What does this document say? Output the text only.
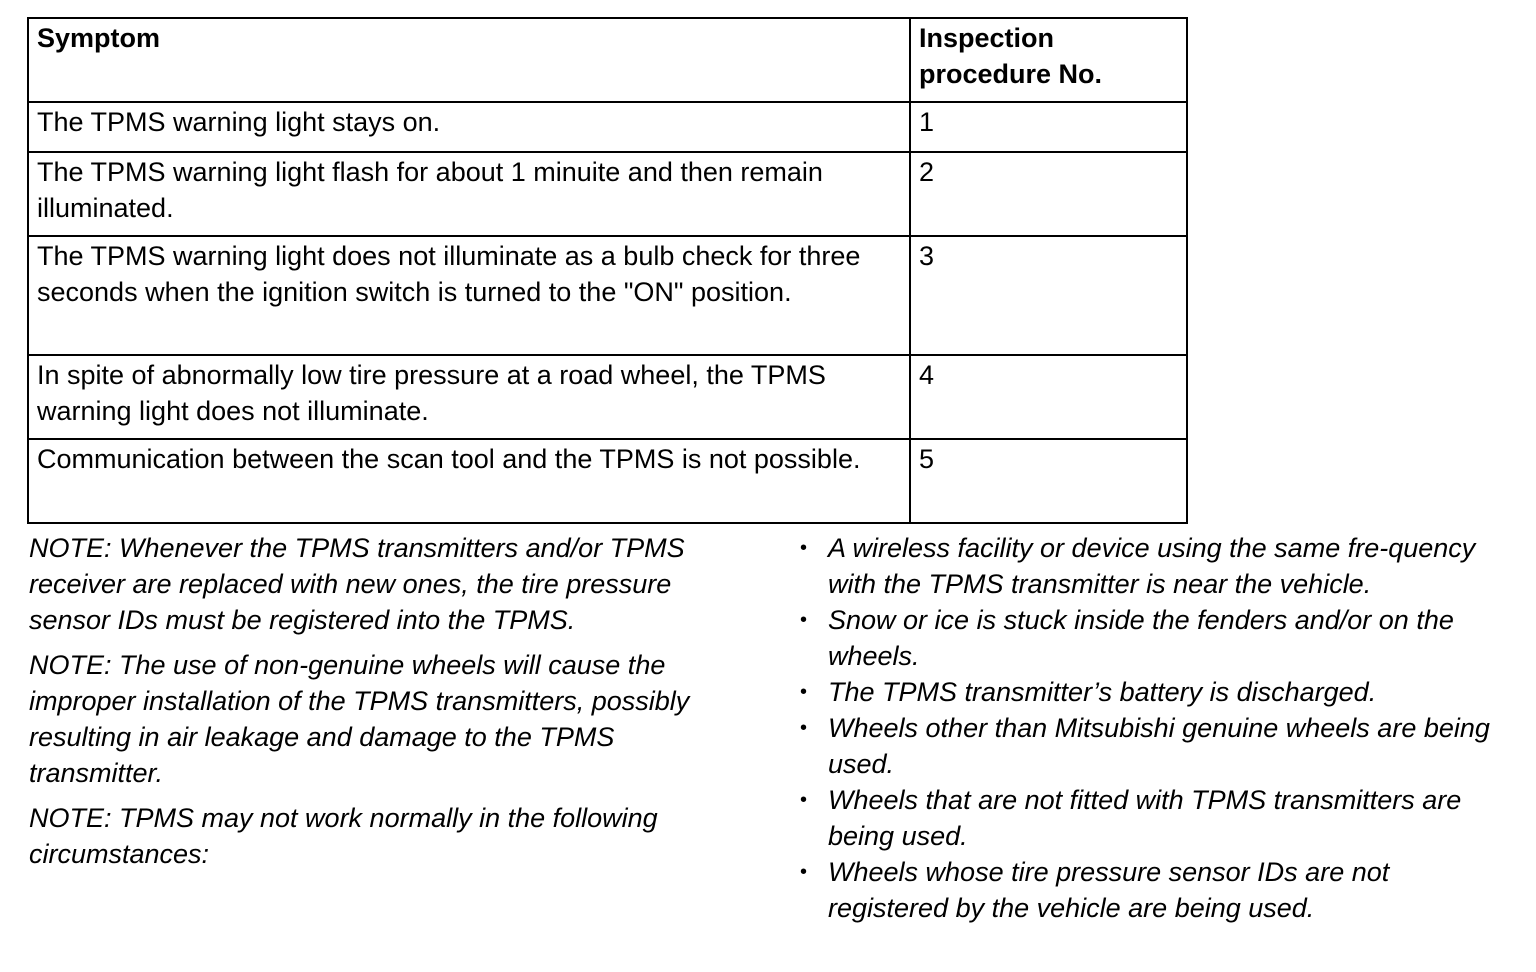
Symptom	Inspection procedure No.
The TPMS warning light stays on.	1
The TPMS warning light flash for about 1 minuite and then remain illuminated.	2
The TPMS warning light does not illuminate as a bulb check for three seconds when the ignition switch is turned to the "ON" position.	3
In spite of abnormally low tire pressure at a road wheel, the TPMS warning light does not illuminate.	4
Communication between the scan tool and the TPMS is not possible.	5

NOTE: Whenever the TPMS transmitters and/or TPMS receiver are replaced with new ones, the tire pressure sensor IDs must be registered into the TPMS.

NOTE: The use of non-genuine wheels will cause the improper installation of the TPMS transmitters, possibly resulting in air leakage and damage to the TPMS transmitter.

NOTE: TPMS may not work normally in the following circumstances:

• A wireless facility or device using the same fre-quency with the TPMS transmitter is near the vehicle.
• Snow or ice is stuck inside the fenders and/or on the wheels.
• The TPMS transmitter’s battery is discharged.
• Wheels other than Mitsubishi genuine wheels are being used.
• Wheels that are not fitted with TPMS transmitters are being used.
• Wheels whose tire pressure sensor IDs are not registered by the vehicle are being used.
